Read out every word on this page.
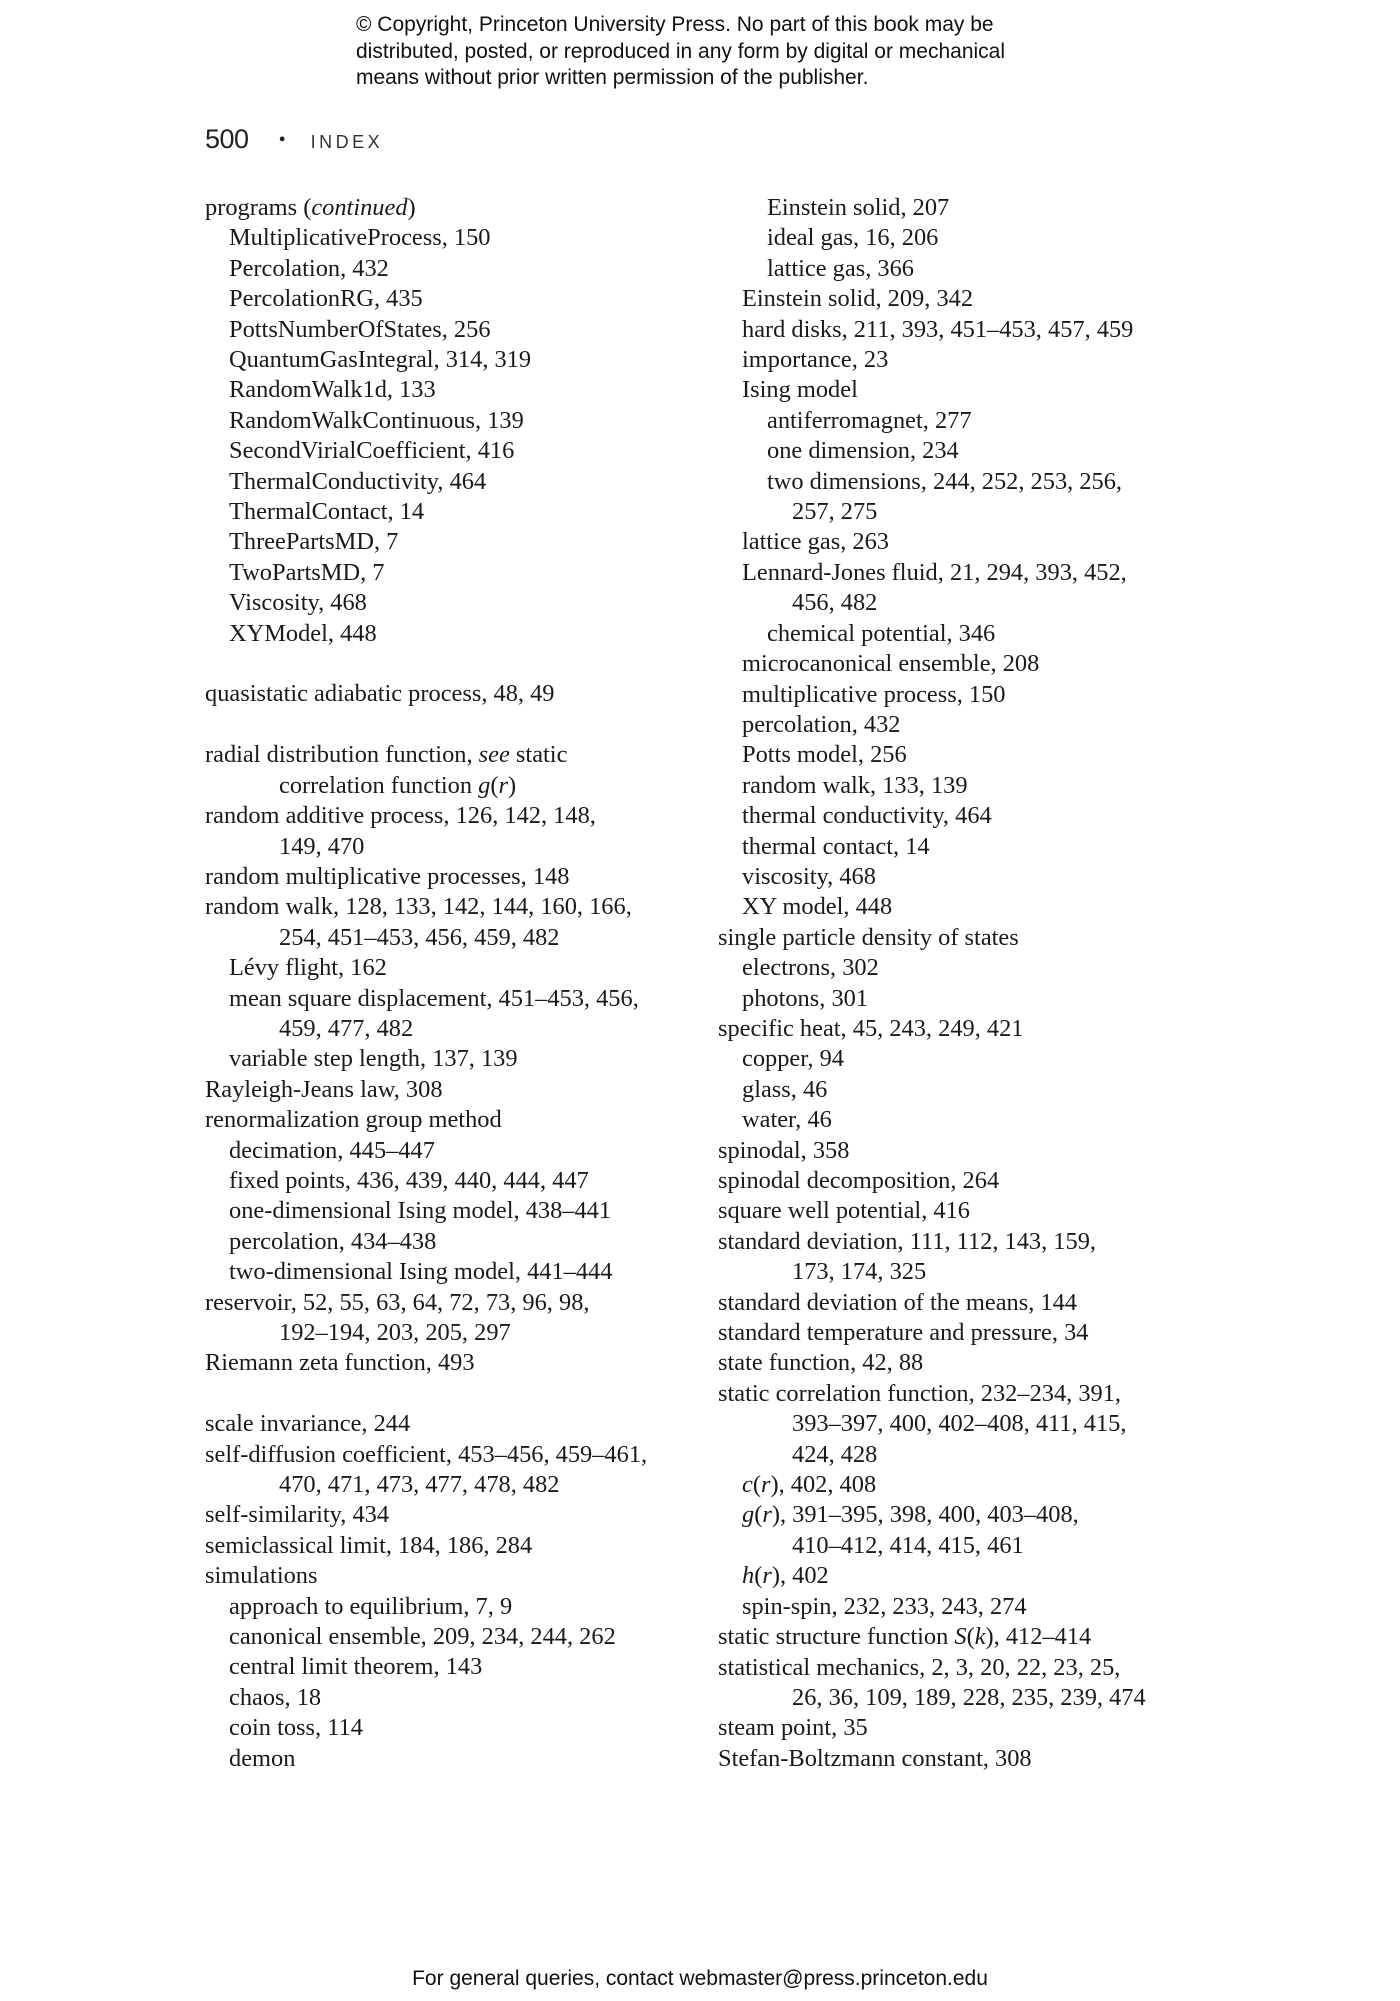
© Copyright, Princeton University Press. No part of this book may be
distributed, posted, or reproduced in any form by digital or mechanical
means without prior written permission of the publisher.
500 • INDEX
programs (continued)
MultiplicativeProcess, 150
Percolation, 432
PercolationRG, 435
PottsNumberOfStates, 256
QuantumGasIntegral, 314, 319
RandomWalk1d, 133
RandomWalkContinuous, 139
SecondVirialCoefficient, 416
ThermalConductivity, 464
ThermalContact, 14
ThreePartsMD, 7
TwoPartsMD, 7
Viscosity, 468
XYModel, 448
quasistatic adiabatic process, 48, 49
radial distribution function, see static
correlation function g(r)
random additive process, 126, 142, 148,
149, 470
random multiplicative processes, 148
random walk, 128, 133, 142, 144, 160, 166,
254, 451–453, 456, 459, 482
Lévy flight, 162
mean square displacement, 451–453, 456,
459, 477, 482
variable step length, 137, 139
Rayleigh-Jeans law, 308
renormalization group method
decimation, 445–447
fixed points, 436, 439, 440, 444, 447
one-dimensional Ising model, 438–441
percolation, 434–438
two-dimensional Ising model, 441–444
reservoir, 52, 55, 63, 64, 72, 73, 96, 98,
192–194, 203, 205, 297
Riemann zeta function, 493
scale invariance, 244
self-diffusion coefficient, 453–456, 459–461,
470, 471, 473, 477, 478, 482
self-similarity, 434
semiclassical limit, 184, 186, 284
simulations
approach to equilibrium, 7, 9
canonical ensemble, 209, 234, 244, 262
central limit theorem, 143
chaos, 18
coin toss, 114
demon
Einstein solid, 207
ideal gas, 16, 206
lattice gas, 366
Einstein solid, 209, 342
hard disks, 211, 393, 451–453, 457, 459
importance, 23
Ising model
antiferromagnet, 277
one dimension, 234
two dimensions, 244, 252, 253, 256,
257, 275
lattice gas, 263
Lennard-Jones fluid, 21, 294, 393, 452,
456, 482
chemical potential, 346
microcanonical ensemble, 208
multiplicative process, 150
percolation, 432
Potts model, 256
random walk, 133, 139
thermal conductivity, 464
thermal contact, 14
viscosity, 468
XY model, 448
single particle density of states
electrons, 302
photons, 301
specific heat, 45, 243, 249, 421
copper, 94
glass, 46
water, 46
spinodal, 358
spinodal decomposition, 264
square well potential, 416
standard deviation, 111, 112, 143, 159,
173, 174, 325
standard deviation of the means, 144
standard temperature and pressure, 34
state function, 42, 88
static correlation function, 232–234, 391,
393–397, 400, 402–408, 411, 415,
424, 428
c(r), 402, 408
g(r), 391–395, 398, 400, 403–408,
410–412, 414, 415, 461
h(r), 402
spin-spin, 232, 233, 243, 274
static structure function S(k), 412–414
statistical mechanics, 2, 3, 20, 22, 23, 25,
26, 36, 109, 189, 228, 235, 239, 474
steam point, 35
Stefan-Boltzmann constant, 308
For general queries, contact webmaster@press.princeton.edu
